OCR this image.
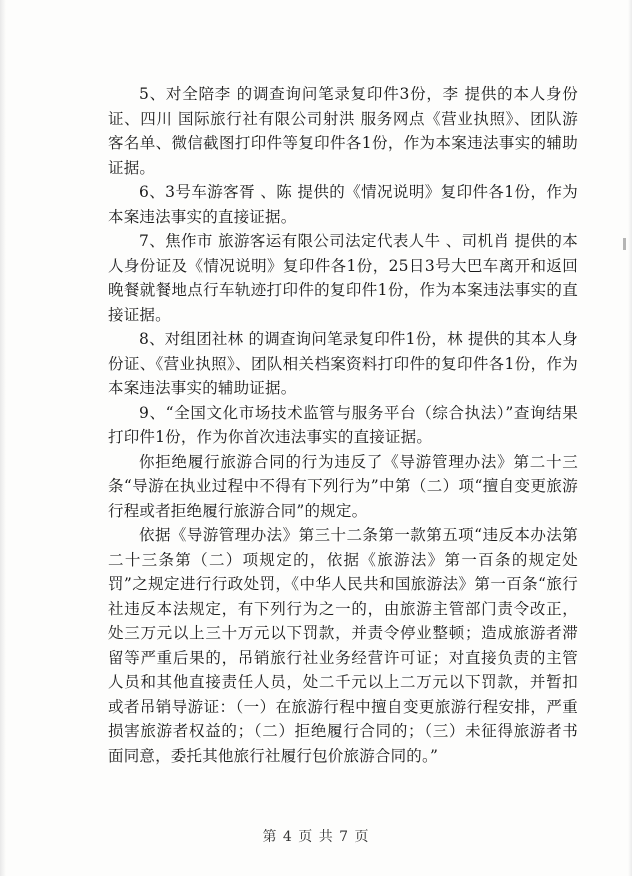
5、对全陪李 的调查询问笔录复印件3份，李 提供的本人身份证、四川 国际旅行社有限公司射洪 服务网点《营业执照》、团队游客名单、微信截图打印件等复印件各1份，作为本案违法事实的辅助证据。

6、3号车游客胥 、陈 提供的《情况说明》复印件各1份，作为本案违法事实的直接证据。

7、焦作市 旅游客运有限公司法定代表人牛 、司机肖 提供的本人身份证及《情况说明》复印件各1份，25日3号大巴车离开和返回晚餐就餐地点行车轨迹打印件的复印件1份，作为本案违法事实的直接证据。

8、对组团社林 的调查询问笔录复印件1份，林 提供的其本人身份证、《营业执照》、团队相关档案资料打印件的复印件各1份，作为本案违法事实的辅助证据。

9、“全国文化市场技术监管与服务平台（综合执法）”查询结果打印件1份，作为你首次违法事实的直接证据。

你拒绝履行旅游合同的行为违反了《导游管理办法》第二十三条“导游在执业过程中不得有下列行为”中第（二）项“擅自变更旅游行程或者拒绝履行旅游合同”的规定。

依据《导游管理办法》第三十二条第一款第五项“违反本办法第二十三条第（二）项规定的，依据《旅游法》第一百条的规定处罚”之规定进行行政处罚，《中华人民共和国旅游法》第一百条“旅行社违反本法规定，有下列行为之一的，由旅游主管部门责令改正，处三万元以上三十万元以下罚款，并责令停业整顿；造成旅游者滞留等严重后果的，吊销旅行社业务经营许可证；对直接负责的主管人员和其他直接责任人员，处二千元以上二万元以下罚款，并暂扣或者吊销导游证：（一）在旅游行程中擅自变更旅游行程安排，严重损害旅游者权益的；（二）拒绝履行合同的；（三）未征得旅游者书面同意，委托其他旅行社履行包价旅游合同的。”

第 4 页 共 7 页
